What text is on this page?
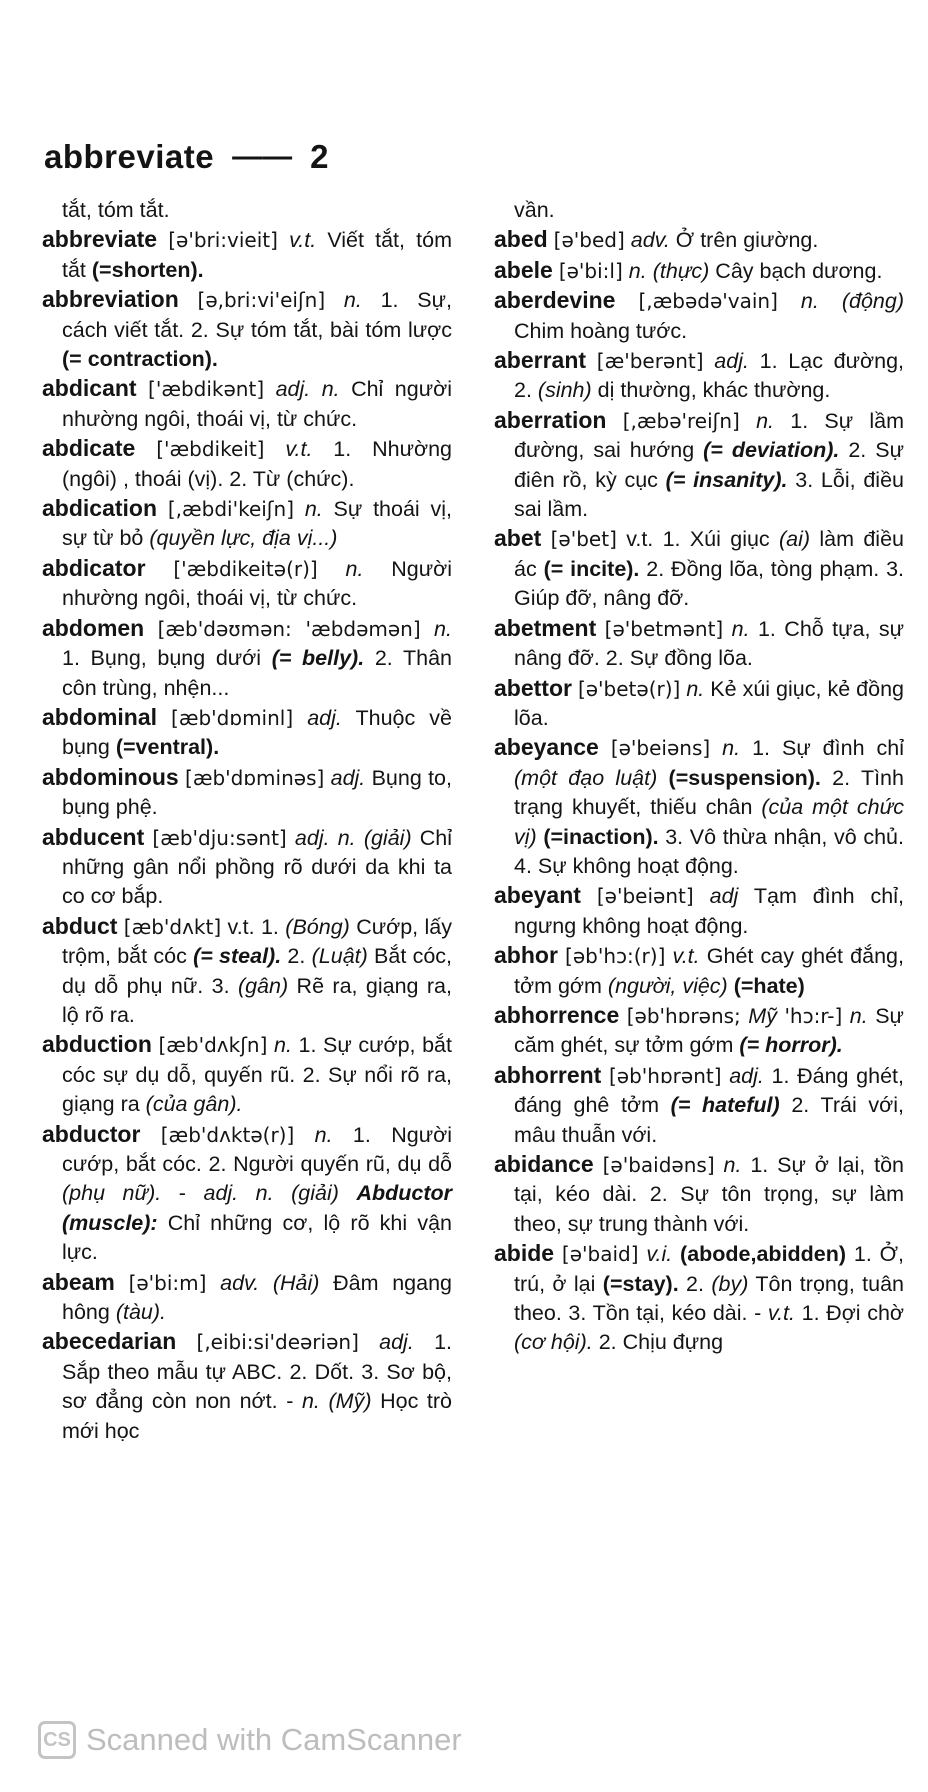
abbreviate —— 2

tắt, tóm tắt.

abbreviate [ə'bri:vieit] v.t. Viết tắt, tóm tắt (=shorten).

abbreviation [ə,bri:vi'eiʃn] n. 1. Sự, cách viết tắt. 2. Sự tóm tắt, bài tóm lược (= contraction).

abdicant ['æbdikənt] adj. n. Chỉ người nhường ngôi, thoái vị, từ chức.

abdicate ['æbdikeit] v.t. 1. Nhường (ngôi) , thoái (vị). 2. Từ (chức).

abdication [,æbdi'keiʃn] n. Sự thoái vị, sự từ bỏ (quyền lực, địa vị...)

abdicator ['æbdikeitə(r)] n. Người nhường ngôi, thoái vị, từ chức.

abdomen [æb'dəʊmən: 'æbdəmən] n. 1. Bụng, bụng dưới (= belly). 2. Thân côn trùng, nhện...

abdominal [æb'dɒminl] adj. Thuộc về bụng (=ventral).

abdominous [æb'dɒminəs] adj. Bụng to, bụng phệ.

abducent [æb'dju:sənt] adj. n. (giải) Chỉ những gân nổi phồng rõ dưới da khi ta co cơ bắp.

abduct [æb'dʌkt] v.t. 1. (Bóng) Cướp, lấy trộm, bắt cóc (= steal). 2. (Luật) Bắt cóc, dụ dỗ phụ nữ. 3. (gân) Rẽ ra, giạng ra, lộ rõ ra.

abduction [æb'dʌkʃn] n. 1. Sự cướp, bắt cóc sự dụ dỗ, quyến rũ. 2. Sự nổi rõ ra, giạng ra (của gân).

abductor [æb'dʌktə(r)] n. 1. Người cướp, bắt cóc. 2. Người quyến rũ, dụ dỗ (phụ nữ). - adj. n. (giải) Abductor (muscle): Chỉ những cơ, lộ rõ khi vận lực.

abeam [ə'bi:m] adv. (Hải) Đâm ngang hông (tàu).

abecedarian [,eibi:si'deəriən] adj. 1. Sắp theo mẫu tự ABC. 2. Dốt. 3. Sơ bộ, sơ đẳng còn non nớt. - n. (Mỹ) Học trò mới học

vần.

abed [ə'bed] adv. Ở trên giường.

abele [ə'bi:l] n. (thực) Cây bạch dương.

aberdevine [,æbədə'vain] n. (động) Chim hoàng tước.

aberrant [æ'berənt] adj. 1. Lạc đường, 2. (sinh) dị thường, khác thường.

aberration [,æbə'reiʃn] n. 1. Sự lầm đường, sai hướng (= deviation). 2. Sự điên rồ, kỳ cục (= insanity). 3. Lỗi, điều sai lầm.

abet [ə'bet] v.t. 1. Xúi giục (ai) làm điều ác (= incite). 2. Đồng lõa, tòng phạm. 3. Giúp đỡ, nâng đỡ.

abetment [ə'betmənt] n. 1. Chỗ tựa, sự nâng đỡ. 2. Sự đồng lõa.

abettor [ə'betə(r)] n. Kẻ xúi giục, kẻ đồng lõa.

abeyance [ə'beiəns] n. 1. Sự đình chỉ (một đạo luật) (=suspension). 2. Tình trạng khuyết, thiếu chân (của một chức vị) (=inaction). 3. Vô thừa nhận, vô chủ. 4. Sự không hoạt động.

abeyant [ə'beiənt] adj Tạm đình chỉ, ngưng không hoạt động.

abhor [əb'hɔ:(r)] v.t. Ghét cay ghét đắng, tởm gớm (người, việc) (=hate)

abhorrence [əb'hɒrəns; Mỹ 'hɔ:r-] n. Sự căm ghét, sự tởm gớm (= horror).

abhorrent [əb'hɒrənt] adj. 1. Đáng ghét, đáng ghê tởm (= hateful) 2. Trái với, mâu thuẫn với.

abidance [ə'baidəns] n. 1. Sự ở lại, tồn tại, kéo dài. 2. Sự tôn trọng, sự làm theo, sự trung thành với.

abide [ə'baid] v.i. (abode,abidden) 1. Ở, trú, ở lại (=stay). 2. (by) Tôn trọng, tuân theo. 3. Tồn tại, kéo dài. - v.t. 1. Đợi chờ (cơ hội). 2. Chịu đựng

CS Scanned with CamScanner
